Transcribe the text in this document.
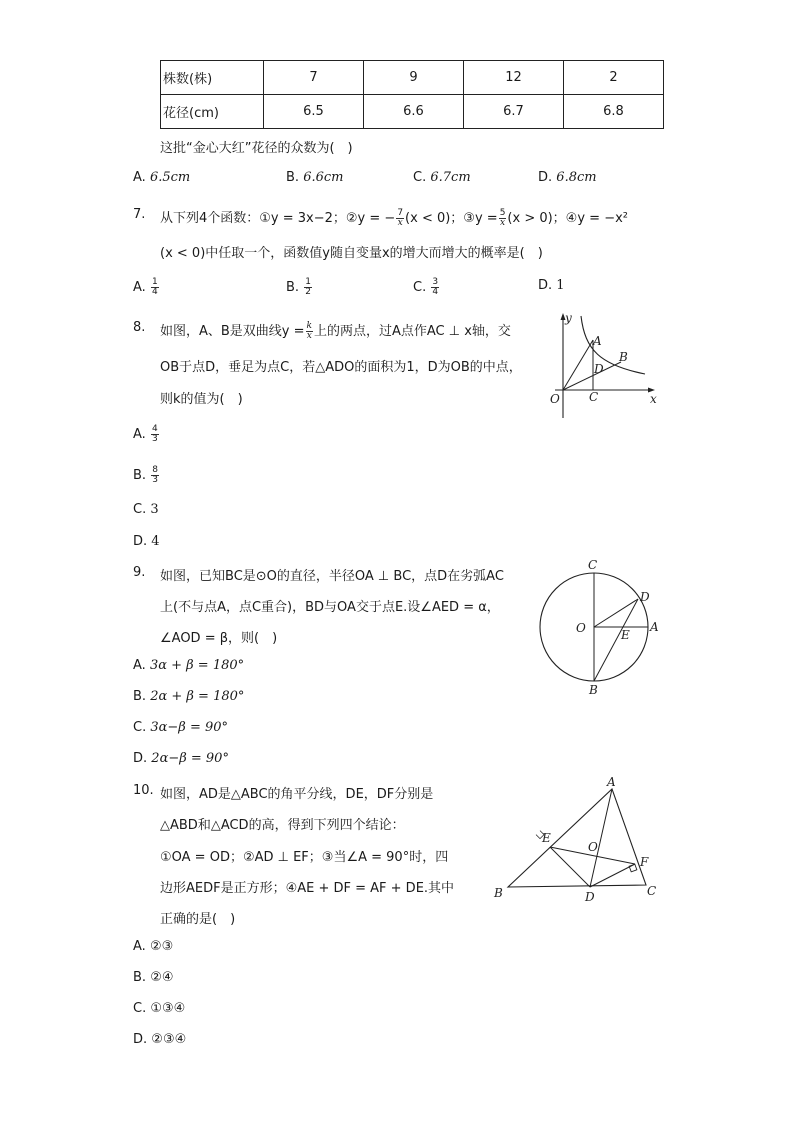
株数(株)	7	9	12	2
花径(cm)	6.5	6.6	6.7	6.8
这批“金心大红”花径的众数为(　)
A. 6.5cm	B. 6.6cm	C. 6.7cm	D. 6.8cm
7. 从下列4个函数：①y = 3x−2；②y = − $\frac{7}{x} (x < 0)$；③y = $\frac{5}{x} (x > 0)$；④y = −x²
(x < 0)中任取一个，函数值y随自变量x的增大而增大的概率是(　)
A. $\frac{1}{4}$	B. $\frac{1}{2}$	C. $\frac{3}{4}$	D. 1
8. 如图，A、B是双曲线$y = \frac{k}{x}$ 上的两点，过A点作AC ⊥ x轴，交
OB于点D，垂足为点C，若△ADO的面积为1，D为OB的中点，
则k的值为(　)
y
x
O
A
B
C
D
A. $\frac{4}{3}$
B. $\frac{8}{3}$
C. 3
D. 4
9. 如图，已知BC是⊙O的直径，半径OA ⊥ BC，点D在劣弧AC
上(不与点A，点C重合)，BD与OA交于点E.设∠AED = α，
∠AOD = β，则(　)
C
D
O	A
E
B
A. 3α + β = 180°
B. 2α + β = 180°
C. 3α−β = 90°
D. 2α−β = 90°
10. 如图，AD是△ABC的角平分线，DE，DF分别是
△ABD和△ACD的高，得到下列四个结论：
①OA = OD；②AD ⊥ EF；③当∠A = 90°时，四
边形AEDF是正方形；④AE + DF = AF + DE.其中
正确的是(　)
A
E
O
F
B	D	C
A. ②③
B. ②④
C. ①③④
D. ②③④
